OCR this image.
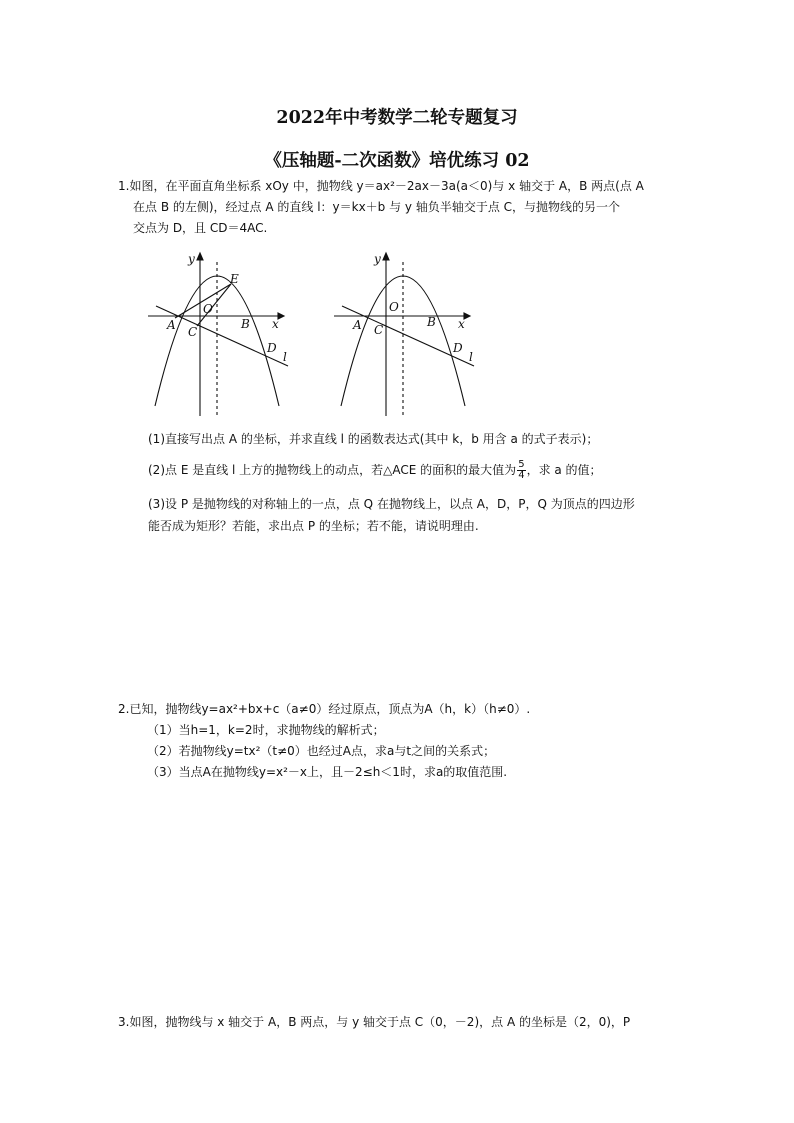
2022年中考数学二轮专题复习
《压轴题-二次函数》培优练习 02
1.如图，在平面直角坐标系 xOy 中，抛物线 y＝ax²－2ax－3a(a＜0)与 x 轴交于 A，B 两点(点 A
在点 B 的左侧)，经过点 A 的直线 l：y＝kx＋b 与 y 轴负半轴交于点 C，与抛物线的另一个
交点为 D，且 CD＝4AC.
y
x
O
A C
B
E
D
l
y
x
O
A C
B
D
l
(1)直接写出点 A 的坐标，并求直线 l 的函数表达式(其中 k，b 用含 a 的式子表示)；
(2)点 E 是直线 l 上方的抛物线上的动点，若△ACE 的面积的最大值为 $\frac{5}{4}$ ，求 a 的值；
(3)设 P 是抛物线的对称轴上的一点，点 Q 在抛物线上，以点 A，D，P，Q 为顶点的四边形
能否成为矩形？若能，求出点 P 的坐标；若不能，请说明理由.
2.已知，抛物线y=ax²+bx+c（a≠0）经过原点，顶点为A（h，k）（h≠0）.
（1）当h=1，k=2时，求抛物线的解析式；
（2）若抛物线y=tx²（t≠0）也经过A点，求a与t之间的关系式；
（3）当点A在抛物线y=x²－x上，且－2≤h＜1时，求a的取值范围.
3.如图，抛物线与 x 轴交于 A，B 两点，与 y 轴交于点 C（0，－2)，点 A 的坐标是（2，0)，P
